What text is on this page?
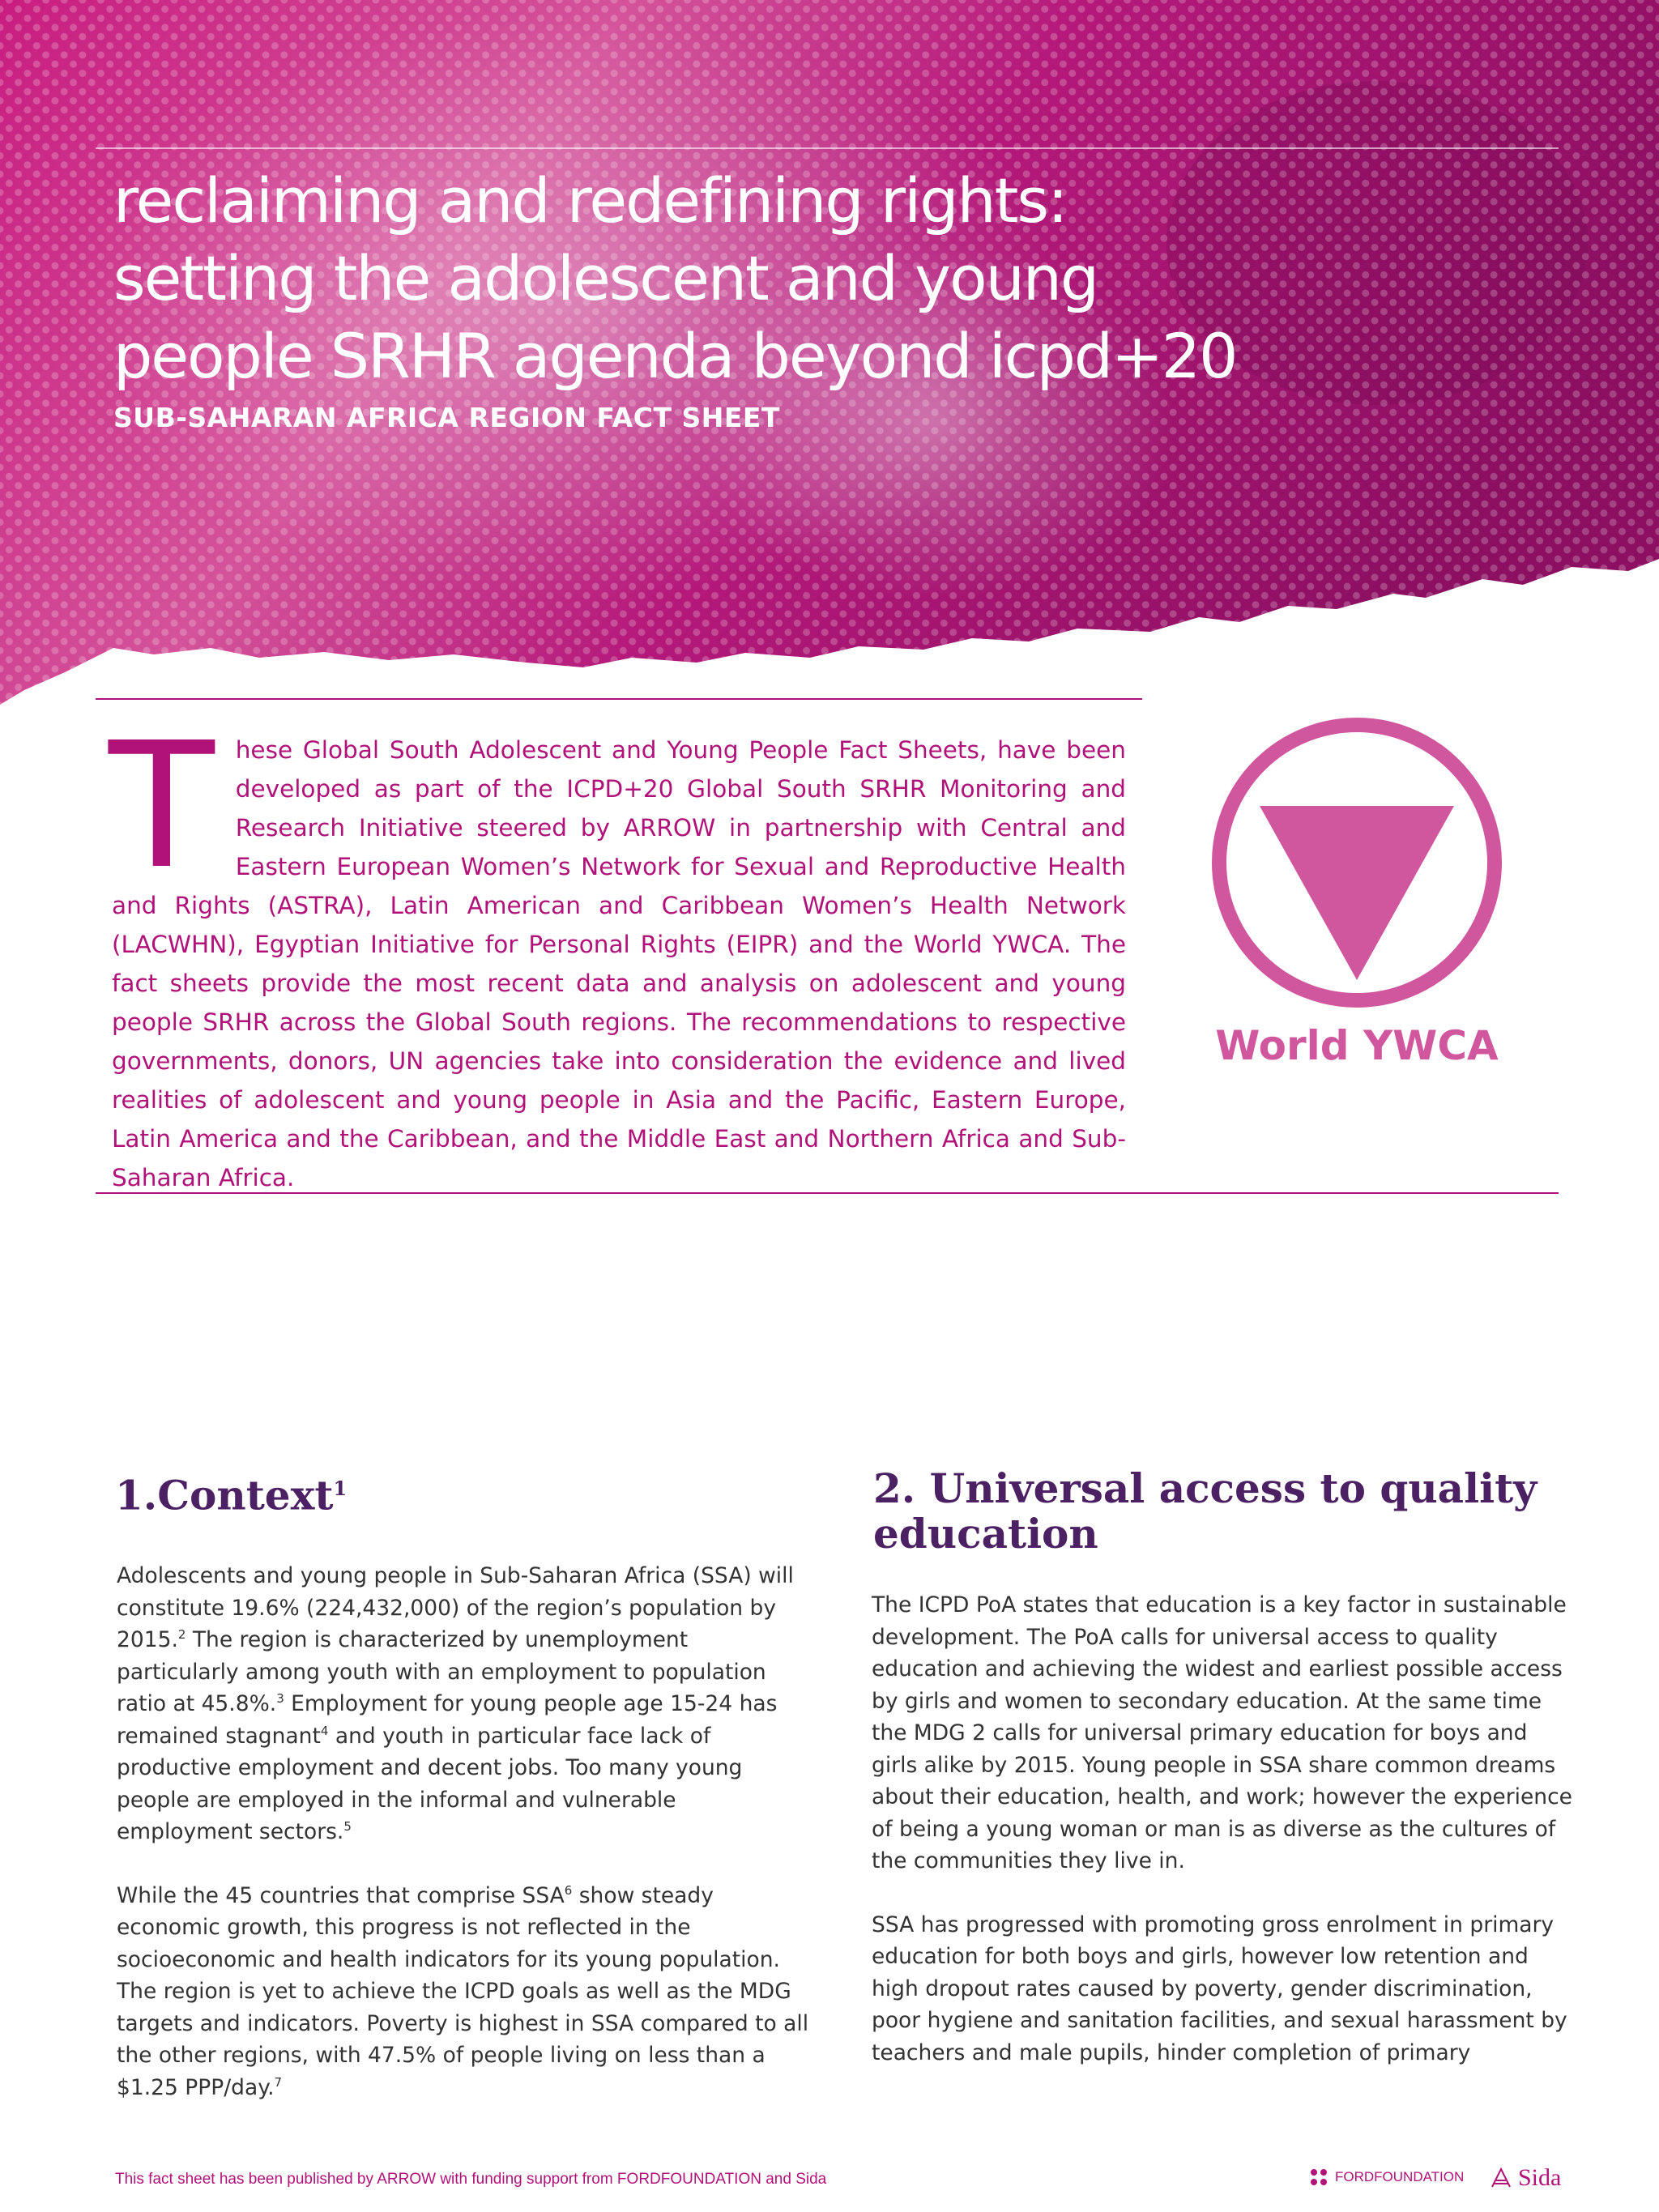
reclaiming and redefining rights:

setting the adolescent and young

people SRHR agenda beyond icpd+20

SUB-SAHARAN AFRICA REGION FACT SHEET
These Global South Adolescent and Young People Fact Sheets, have been developed as part of the ICPD+20 Global South SRHR Monitoring and Research Initiative steered by ARROW in partnership with Central and Eastern European Women’s Network for Sexual and Reproductive Health and Rights (ASTRA), Latin American and Caribbean Women’s Health Network (LACWHN), Egyptian Initiative for Personal Rights (EIPR) and the World YWCA. The fact sheets provide the most recent data and analysis on adolescent and young people SRHR across the Global South regions. The recommendations to respective governments, donors, UN agencies take into consideration the evidence and lived realities of adolescent and young people in Asia and the Pacific, Eastern Europe, Latin America and the Caribbean, and the Middle East and Northern Africa and Sub-Saharan Africa.
World YWCA
1.Context$^1$

Adolescents and young people in Sub-Saharan Africa (SSA) will constitute 19.6% (224,432,000) of the region’s population by 2015.$^2$ The region is characterized by unemployment particularly among youth with an employment to population ratio at 45.8%.$^3$ Employment for young people age 15-24 has remained stagnant$^4$ and youth in particular face lack of productive employment and decent jobs. Too many young people are employed in the informal and vulnerable employment sectors.$^5$

While the 45 countries that comprise SSA$^6$ show steady economic growth, this progress is not reflected in the socioeconomic and health indicators for its young population. The region is yet to achieve the ICPD goals as well as the MDG targets and indicators. Poverty is highest in SSA compared to all the other regions, with 47.5% of people living on less than a $1.25 PPP/day.$^7$

2. Universal access to quality
education

The ICPD PoA states that education is a key factor in sustainable development. The PoA calls for universal access to quality education and achieving the widest and earliest possible access by girls and women to secondary education. At the same time the MDG 2 calls for universal primary education for boys and girls alike by 2015. Young people in SSA share common dreams about their education, health, and work; however the experience of being a young woman or man is as diverse as the cultures of the communities they live in.

SSA has progressed with promoting gross enrolment in primary education for both boys and girls, however low retention and high dropout rates caused by poverty, gender discrimination, poor hygiene and sanitation facilities, and sexual harassment by teachers and male pupils, hinder completion of primary

This fact sheet has been published by ARROW with funding support from FORDFOUNDATION and Sida	FORDFOUNDATION Sida
